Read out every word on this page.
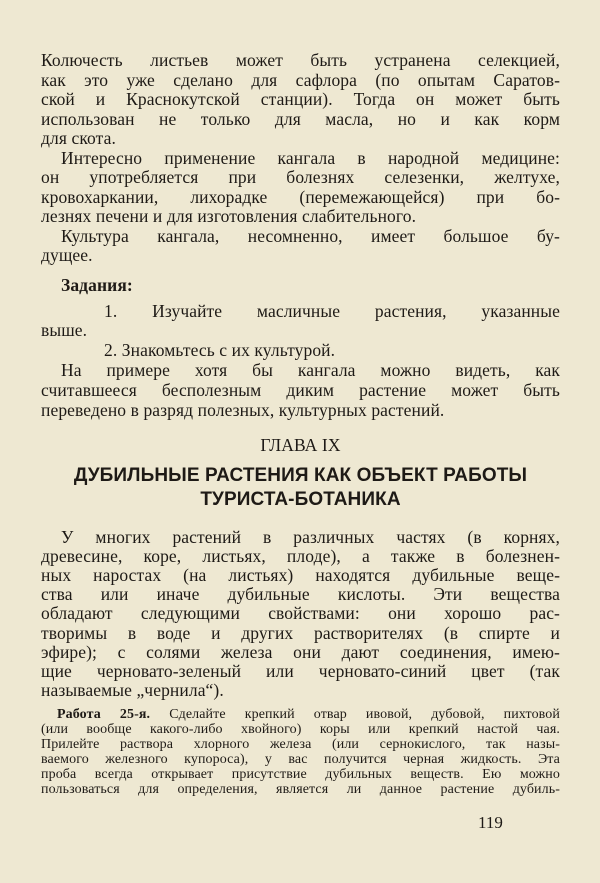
Колючесть листьев может быть устранена селекцией,
как это уже сделано для сафлора (по опытам Саратов-
ской и Краснокутской станции). Тогда он может быть
использован не только для масла, но и как корм
для скота.
Интересно применение кангала в народной медицине:
он употребляется при болезнях селезенки, желтухе,
кровохаркании, лихорадке (перемежающейся) при бо-
лезнях печени и для изготовления слабительного.
Культура кангала, несомненно, имеет большое бу-
дущее.
Задания:
1. Изучайте масличные растения, указанные
выше.
2. Знакомьтесь с их культурой.
На примере хотя бы кангала можно видеть, как
считавшееся бесполезным диким растение может быть
переведено в разряд полезных, культурных растений.
ГЛАВА IX
ДУБИЛЬНЫЕ РАСТЕНИЯ КАК ОБЪЕКТ РАБОТЫ
ТУРИСТА-БОТАНИКА
У многих растений в различных частях (в корнях,
древесине, коре, листьях, плоде), а также в болезнен-
ных наростах (на листьях) находятся дубильные веще-
ства или иначе дубильные кислоты. Эти вещества
обладают следующими свойствами: они хорошо рас-
творимы в воде и других растворителях (в спирте и
эфире); с солями железа они дают соединения, имею-
щие черновато-зеленый или черновато-синий цвет (так
называемые „чернила“).
Работа 25-я. Сделайте крепкий отвар ивовой, дубовой, пихтовой
(или вообще какого-либо хвойного) коры или крепкий настой чая.
Прилейте раствора хлорного железа (или сернокислого, так назы-
ваемого железного купороса), у вас получится черная жидкость. Эта
проба всегда открывает присутствие дубильных веществ. Ею можно
пользоваться для определения, является ли данное растение дубиль-
119
